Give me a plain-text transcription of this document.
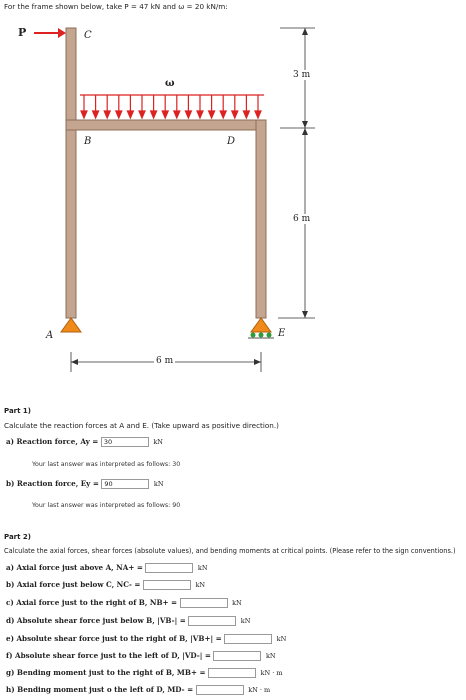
For the frame shown below, take P = 47 kN and ω = 20 kN/m:
P	C
ω
B	D
A	E
3 m
6 m
6 m
Part 1)
Calculate the reaction forces at A and E. (Take upward as positive direction.)
a) Reaction force, Ay = 30	kN
Your last answer was interpreted as follows: 30
b) Reaction force, Ey = 90	kN
Your last answer was interpreted as follows: 90
Part 2)
Calculate the axial forces, shear forces (absolute values), and bending moments at critical points. (Please refer to the sign conventions.)
a) Axial force just above A, NA+ =	kN
b) Axial force just below C, NC- =	kN
c) Axial force just to the right of B, NB+ =	kN
d) Absolute shear force just below B, |VB-| =	kN
e) Absolute shear force just to the right of B, |VB+| =	kN
f) Absolute shear force just to the left of D, |VD-| =	kN
g) Bending moment just to the right of B, MB+ =	kN · m
h) Bending moment just o the left of D, MD- =	kN · m
